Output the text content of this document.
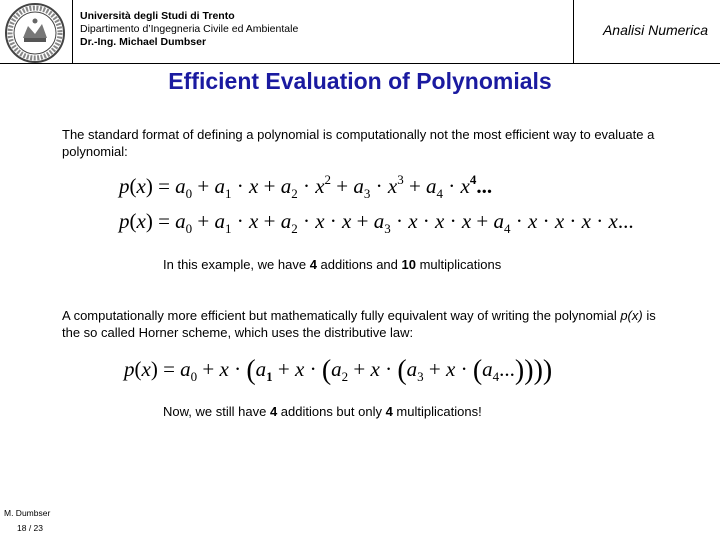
Università degli Studi di Trento
Dipartimento d’Ingegneria Civile ed Ambientale
Dr.-Ing. Michael Dumbser
Analisi Numerica
Efficient Evaluation of Polynomials
The standard format of defining a polynomial is computationally not the most efficient way to evaluate a polynomial:
$p(x) = a_0 + a_1 \cdot x + a_2 \cdot x^2 + a_3 \cdot x^3 + a_4 \cdot x^4$...
$p(x) = a_0 + a_1 \cdot x + a_2 \cdot x \cdot x + a_3 \cdot x \cdot x \cdot x + a_4 \cdot x \cdot x \cdot x \cdot x$...
In this example, we have 4 additions and 10 multiplications
A computationally more efficient but mathematically fully equivalent way of writing the polynomial p(x) is the so called Horner scheme, which uses the distributive law:
$p(x) = a_0 + x \cdot (a_1 + x \cdot (a_2 + x \cdot (a_3 + x \cdot (a_4...))))$
Now, we still have 4 additions but only 4 multiplications!
M. Dumbser
18 / 23
